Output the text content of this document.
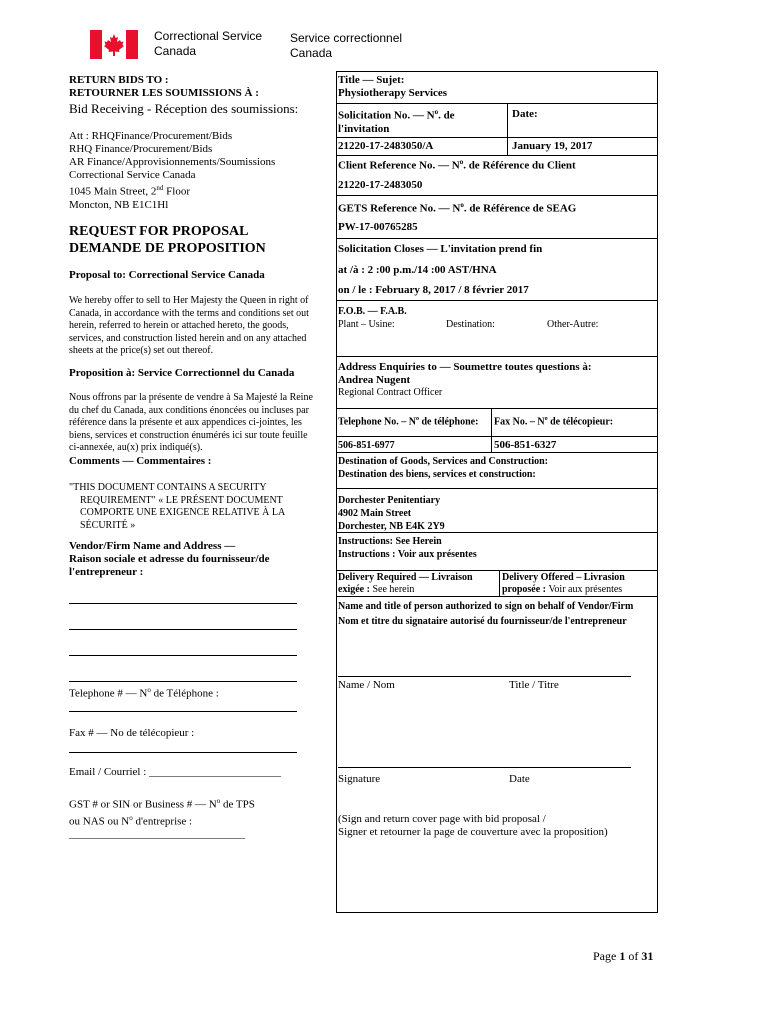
Correctional Service
Canada
Service correctionnel
Canada
RETURN BIDS TO :
RETOURNER LES SOUMISSIONS À :
Bid Receiving - Réception des soumissions:
Att : RHQFinance/Procurement/Bids
RHQ Finance/Procurement/Bids
AR Finance/Approvisionnements/Soumissions
Correctional Service Canada
1045 Main Street, 2nd Floor
Moncton, NB E1C1Hl
REQUEST FOR PROPOSAL
DEMANDE DE PROPOSITION
Proposal to: Correctional Service Canada
We hereby offer to sell to Her Majesty the Queen in right of Canada, in accordance with the terms and conditions set out herein, referred to herein or attached hereto, the goods, services, and construction listed herein and on any attached sheets at the price(s) set out thereof.
Proposition à: Service Correctionnel du Canada
Nous offrons par la présente de vendre à Sa Majesté la Reine du chef du Canada, aux conditions énoncées ou incluses par référence dans la présente et aux appendices ci-jointes, les biens, services et construction énumérés ici sur toute feuille ci-annexée, au(x) prix indiqué(s).
Comments — Commentaires :
"THIS DOCUMENT CONTAINS A SECURITY
REQUIREMENT" « LE PRÉSENT DOCUMENT
COMPORTE UNE EXIGENCE RELATIVE À LA
SÉCURITÉ »
Vendor/Firm Name and Address —
Raison sociale et adresse du fournisseur/de
l'entrepreneur :
Telephone # — $N^o$ de Téléphone :
Fax # — No de télécopieur :
Email / Courriel : ________________________
GST # or SIN or Business # — $N^o$ de TPS
ou NAS ou $N^o$ d'entreprise :
________________________________
Title — Sujet:
Physiotherapy Services
Solicitation No. — $N^o$. de
l'invitation
Date:
21220-17-2483050/A	January 19, 2017
Client Reference No. — $N^o$. de Référence du Client
21220-17-2483050
GETS Reference No. — $N^o$. de Référence de SEAG
PW-17-00765285
Solicitation Closes — L'invitation prend fin
at /à : 2 :00 p.m./14 :00 AST/HNA
on / le : February 8, 2017 / 8 février 2017
F.O.B. — F.A.B.
Plant – Usine:	Destination:	Other-Autre:
Address Enquiries to — Soumettre toutes questions à:
Andrea Nugent
Regional Contract Officer
Telephone No. – $N^o$ de téléphone: Fax No. – $N^o$ de télécopieur:
506-851-6977	506-851-6327
Destination of Goods, Services and Construction:
Destination des biens, services et construction:
Dorchester Penitentiary
4902 Main Street
Dorchester, NB E4K 2Y9
Instructions: See Herein
Instructions : Voir aux présentes
Delivery Required — Livraison
exigée : See herein
Delivery Offered – Livrasion
proposée : Voir aux présentes
Name and title of person authorized to sign on behalf of Vendor/Firm
Nom et titre du signataire autorisé du fournisseur/de l'entrepreneur
Name / Nom	Title / Titre
Signature	Date
(Sign and return cover page with bid proposal /
Signer et retourner la page de couverture avec la proposition)
Page 1 of 31
